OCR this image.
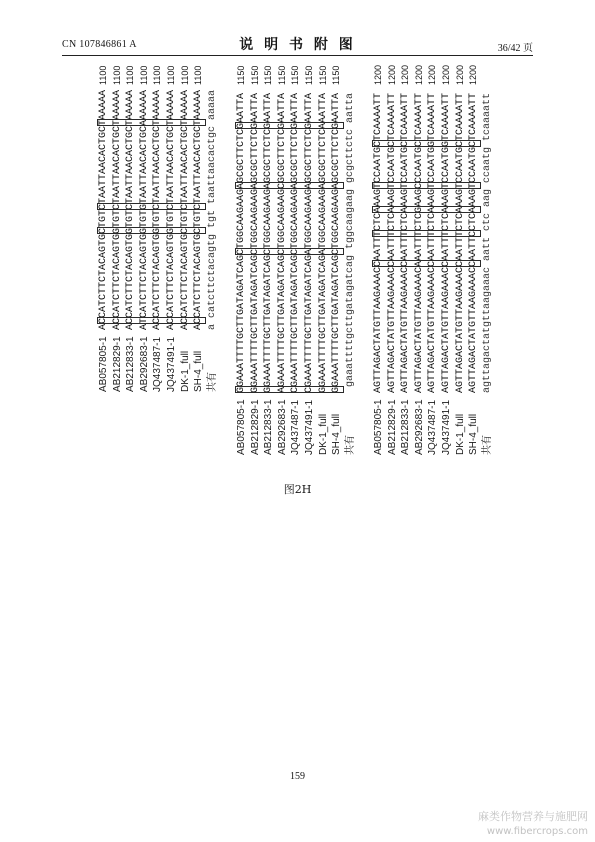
CN 107846861 A	说 明 书 附 图	36/42 页
AB057805-1
ACCATCTTCTACAGTGCTGTCTAATTAACACTGCTAAAAA
1100
AB212829-1
ACCATCTTCTACAGTGGTGTCTAATTAACACTGCTAAAAA
1100
AB212833-1
ACCATCTTCTACAGTGGTGTCTAATTAACACTGCTAAAAA
1100
AB292683-1
ATCATCTTCTACAGTGGTGTGTAATTAACACTGCAAAAAA
1100
JQ437487-1
ACCATCTTCTACAGTGGTGTCTAATTAACACTGCTAAAAA
1100
JQ437491-1
ACCATCTTCTACAGTGGTGTCTAATTAACACTGCTAAAAA
1100
DK-1_full
ACCATCTTCTACAGTGCTGTCTAATTAACACTGCTAAAAA
1100
SH-4_full
ACCATCTTCTACAGTGCTGTCTAATTAACACTGCTAAAAA
1100
共有
a catcttctacagtg tgt taattaacactgc aaaaa
AB057805-1
GGAAATTTTGCTTGATAGATCAGCTGGCAAGAAGAGCGCTTCTCGAATTA
1150
AB212829-1
GGAAATTTTGCTTGATAGATCAGCTGGCAAGAAGAGCGCTTCTCGAATTA
1150
AB212833-1
GGAAATTTTGCTTGATAGATCAGCTGGCAAGAAGAGCGCTTCTCGAATTA
1150
AB292683-1
AGAAATTTTGCTTGATAGATCAGCTGGCAAGAAGCGCGCTTCTCGAATTA
1150
JQ437487-1
CGAAATTTTGCTTGATAGATCAGCTGGCAAGAAGAGCGCTTCTCGAATTA
1150
JQ437491-1
CGAAATTTTGCTTGATAGATCAGATGGCAAGAAGAGCGCTTCTCGAATTA
1150
DK-1_full
GGAAATTTTGCTTGATAGATCAGATGGCAAGAAGAGCGCTTCTCAAATTA
1150
SH-4_full
GGAAATTTTGCTTGATAGATCAGCTGGCAAGAAGAGCGCTTCTCGAATTA
1150
共有
gaaattttgcttgatagatcag tggcaagaag gcgcttctc aatta
AB057805-1
AGTTAGACTATGTTAAGAAACCAATTTCTCAAAGTCCAATGCTCAAAATT
1200
AB212829-1
AGTTAGACTATGTTAAGAAACCAATTTCTCAAAGTCCAATGCTCAAAATT
1200
AB212833-1
AGTTAGACTATGTTAAGAAACCAATTTCTCAAAGTCCAATGCTCAAAATT
1200
AB292683-1
AGTTAGACTATGTTAAGAAACAAATTTCTCGAAGCCCAATGCTCAAAATT
1200
JQ437487-1
AGTTAGACTATGTTAAGAAACCAATTTCTCAAAGTCCAATGGTCAAAATT
1200
JQ437491-1
AGTTAGACTATGTTAAGAAACCAATTTCTCAAAGTCCAATGGTCAAAATT
1200
DK-1_full
AGTTAGACTATGTTAAGAAACCAATTTCTCAAAGTCCAATGCTCAAAATT
1200
SH-4_full
AGTTAGACTATGTTAAGAAACCAATTCCTCAAAGTCCAATGCTCAAAATT
1200
共有
agttagactatgttaagaaac aatt ctc aag ccaatg tcaaaatt
图2H
159
麻类作物营养与施肥网
www.fibercrops.com
